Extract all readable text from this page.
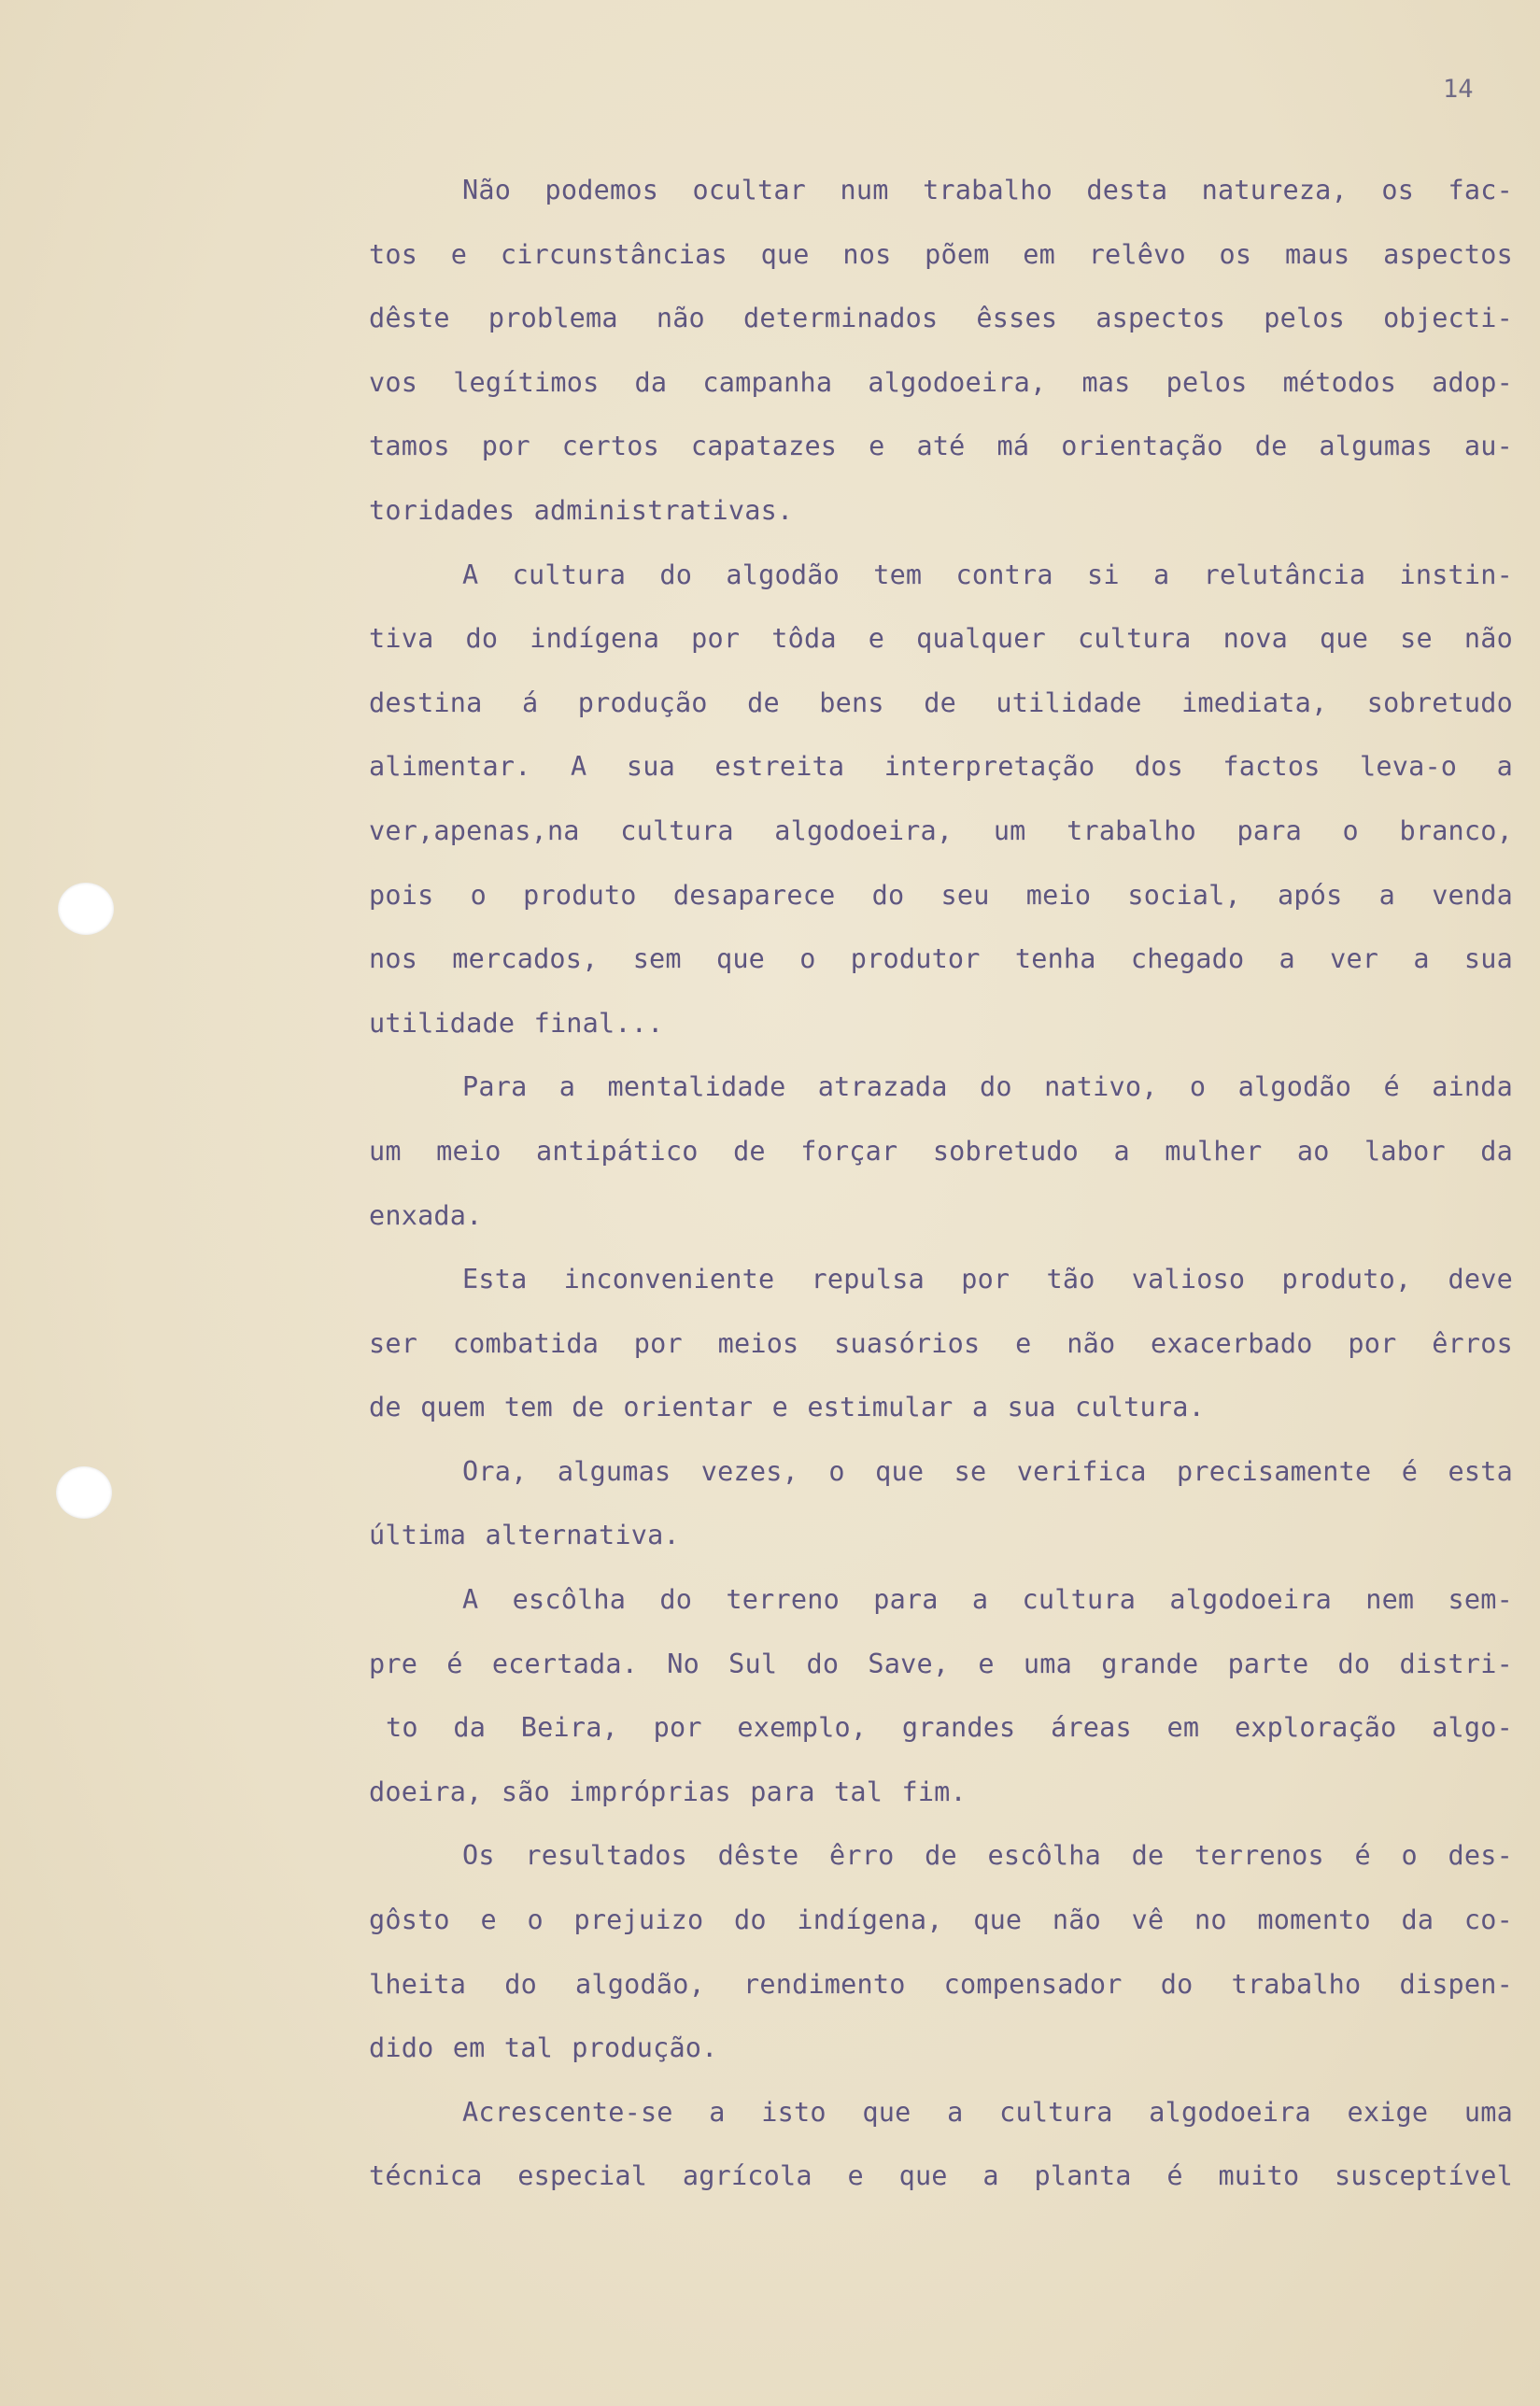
14
Não podemos ocultar num trabalho desta natureza, os fac-
tos e circunstâncias que nos põem em relêvo os maus aspectos
dêste problema não determinados êsses aspectos pelos objecti-
vos legítimos da campanha algodoeira, mas pelos métodos adop-
tamos por certos capatazes e até má orientação de algumas au-
toridades administrativas.
A cultura do algodão tem contra si a relutância instin-
tiva do indígena por tôda e qualquer cultura nova que se não
destina á produção de bens de utilidade imediata, sobretudo
alimentar. A sua estreita interpretação dos factos leva-o a
ver,apenas,na cultura algodoeira, um trabalho para o branco,
pois o produto desaparece do seu meio social, após a venda
nos mercados, sem que o produtor tenha chegado a ver a sua
utilidade final...
Para a mentalidade atrazada do nativo, o algodão é ainda
um meio antipático de forçar sobretudo a mulher ao labor da
enxada.
Esta inconveniente repulsa por tão valioso produto, deve
ser combatida por meios suasórios e não exacerbado por êrros
de quem tem de orientar e estimular a sua cultura.
Ora, algumas vezes, o que se verifica precisamente é esta
última alternativa.
A escôlha do terreno para a cultura algodoeira nem sem-
pre é ecertada. No Sul do Save, e uma grande parte do distri-
to da Beira, por exemplo, grandes áreas em exploração algo-
doeira, são impróprias para tal fim.
Os resultados dêste êrro de escôlha de terrenos é o des-
gôsto e o prejuizo do indígena, que não vê no momento da co-
lheita do algodão, rendimento compensador do trabalho dispen-
dido em tal produção.
Acrescente-se a isto que a cultura algodoeira exige uma
técnica especial agrícola e que a planta é muito susceptível
